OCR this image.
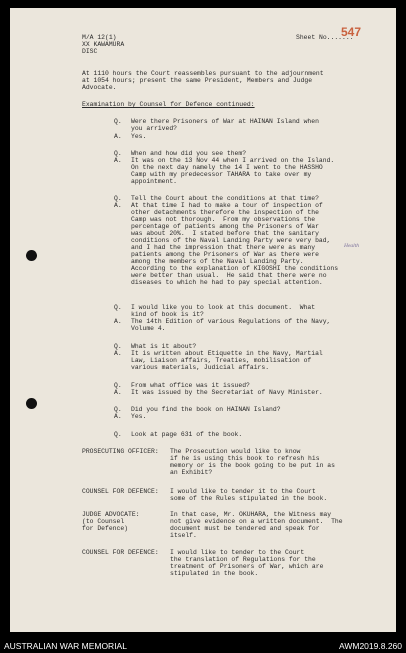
M/A 12(1)
XX KAWAMURA
DISC
Sheet No.......
547
At 1110 hours the Court reassembles pursuant to the adjournment
at 1054 hours; present the same President, Members and Judge
Advocate.
Examination by Counsel for Defence continued:
Q. Were there Prisoners of War at HAINAN Island when
you arrived?
A. Yes.
Q. When and how did you see them?
A. It was on the 13 Nov 44 when I arrived on the Island.
On the next day namely the 14 I went to the HASSHO
Camp with my predecessor TAHARA to take over my
appointment.
Q. Tell the Court about the conditions at that time?
A. At that time I had to make a tour of inspection of
other detachments therefore the inspection of the
Camp was not thorough.  From my observations the
percentage of patients among the Prisoners of War
was about 20%.  I stated before that the sanitary
conditions of the Naval Landing Party were very bad,
and I had the impression that there were as many
patients among the Prisoners of War as there were
among the members of the Naval Landing Party.
According to the explanation of KIGOSHI the conditions
were better than usual.  He said that there were no
diseases to which he had to pay special attention.
Health
Q. I would like you to look at this document.  What
kind of book is it?
A. The 14th Edition of various Regulations of the Navy,
Volume 4.
Q. What is it about?
A. It is written about Etiquette in the Navy, Martial
Law, Liaison affairs, Treaties, mobilisation of
various materials, Judicial affairs.
Q. From what office was it issued?
A. It was issued by the Secretariat of Navy Minister.
Q. Did you find the book on HAINAN Island?
A. Yes.
Q. Look at page 631 of the book.
PROSECUTING OFFICER: The Prosecution would like to know
if he is using this book to refresh his
memory or is the book going to be put in as
an Exhibit?
COUNSEL FOR DEFENCE: I would like to tender it to the Court
some of the Rules stipulated in the book.
JUDGE ADVOCATE:
(to Counsel
for Defence)
In that case, Mr. OKUHARA, the Witness may
not give evidence on a written document.  The
document must be tendered and speak for
itself.
COUNSEL FOR DEFENCE: I would like to tender to the Court
the translation of Regulations for the
treatment of Prisoners of War, which are
stipulated in the book.
AUSTRALIAN WAR MEMORIAL	AWM2019.8.260
